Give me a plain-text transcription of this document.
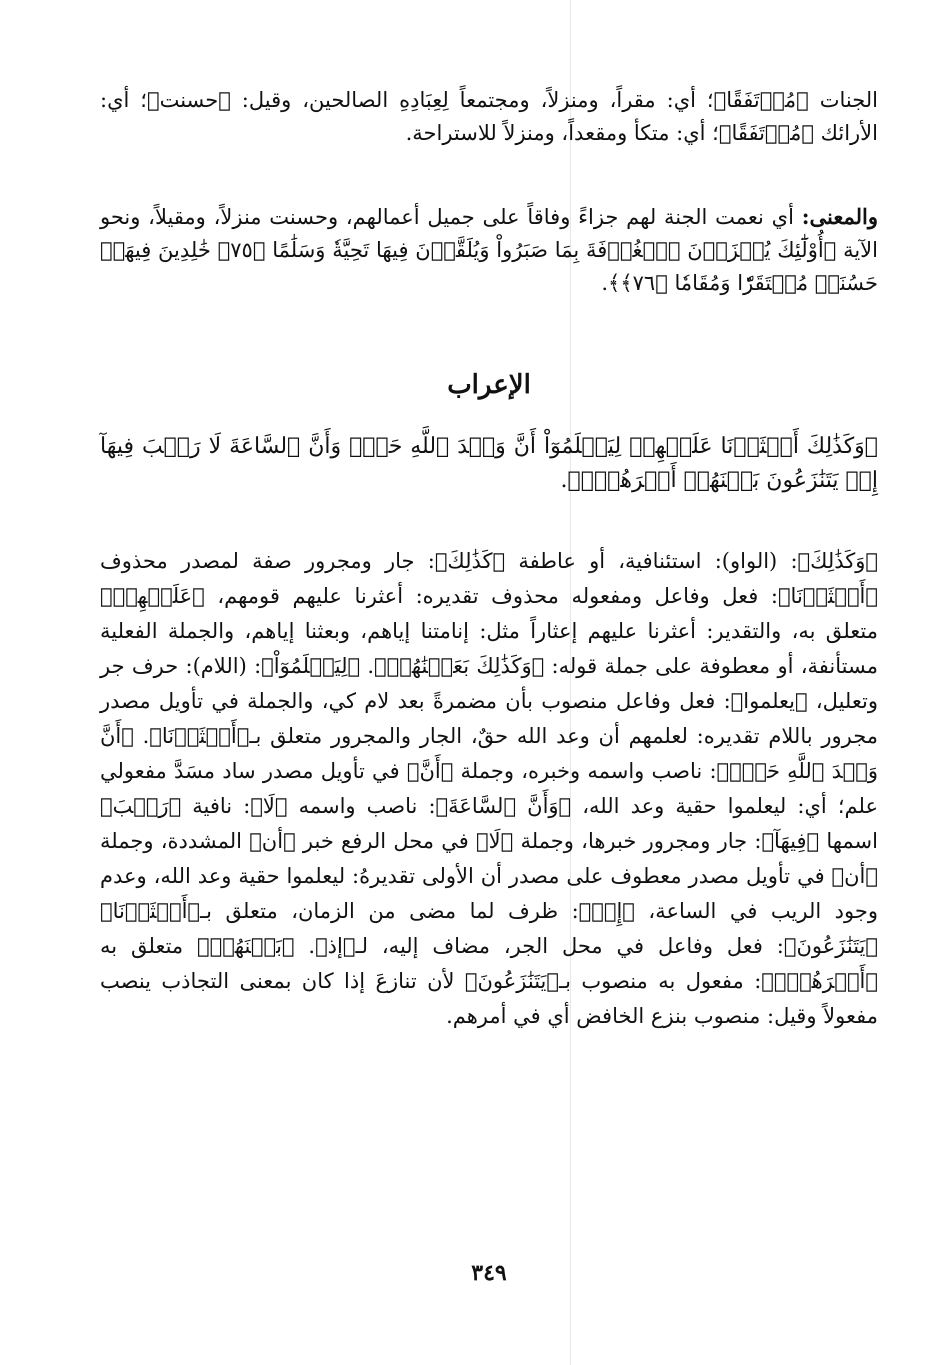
الجنات ﴿مُرۡتَفَقًا﴾؛ أي: مقراً، ومنزلاً، ومجتمعاً لِعِبَادِهِ الصالحين، وقيل: ﴿حسنت﴾؛ أي: الأرائك ﴿مُرۡتَفَقًا﴾؛ أي: متكأ ومقعداً، ومنزلاً للاستراحة.

والمعنى: أي نعمت الجنة لهم جزاءً وفاقاً على جميل أعمالهم، وحسنت منزلاً، ومقيلاً، ونحو الآية ﴿أُوْلَٰٓئِكَ يُجۡزَوۡنَ ٱلۡغُرۡفَةَ بِمَا صَبَرُواْ وَيُلَقَّوۡنَ فِيهَا تَحِيَّةٗ وَسَلَٰمًا ﴿٧٥﴾ خَٰلِدِينَ فِيهَاۚ حَسُنَتۡ مُسۡتَقَرّٗا وَمُقَامٗا ﴿٧٦﴾﴾.

الإعراب

﴿وَكَذَٰلِكَ أَعۡثَرۡنَا عَلَيۡهِمۡ لِيَعۡلَمُوٓاْ أَنَّ وَعۡدَ ٱللَّهِ حَقّٞ وَأَنَّ ٱلسَّاعَةَ لَا رَيۡبَ فِيهَآ إِذۡ يَتَنَٰزَعُونَ بَيۡنَهُمۡ أَمۡرَهُمۡۖ﴾.

﴿وَكَذَٰلِكَ﴾: (الواو): استئنافية، أو عاطفة ﴿كَذَٰلِكَ﴾: جار ومجرور صفة لمصدر محذوف ﴿أَعۡثَرۡنَا﴾: فعل وفاعل ومفعوله محذوف تقديره: أعثرنا عليهم قومهم، ﴿عَلَيۡهِمۡ﴾ متعلق به، والتقدير: أعثرنا عليهم إعثاراً مثل: إنامتنا إياهم، وبعثنا إياهم، والجملة الفعلية مستأنفة، أو معطوفة على جملة قوله: ﴿وَكَذَٰلِكَ بَعَثۡنَٰهُمۡ﴾. ﴿لِيَعۡلَمُوٓاْ﴾: (اللام): حرف جر وتعليل، ﴿يعلموا﴾: فعل وفاعل منصوب بأن مضمرةً بعد لام كي، والجملة في تأويل مصدر مجرور باللام تقديره: لعلمهم أن وعد الله حقٌ، الجار والمجرور متعلق بـ﴿أَعۡثَرۡنَا﴾. ﴿أَنَّ وَعۡدَ ٱللَّهِ حَقّٞ﴾: ناصب واسمه وخبره، وجملة ﴿أَنَّ﴾ في تأويل مصدر ساد مسَدَّ مفعولي علم؛ أي: ليعلموا حقية وعد الله، ﴿وَأَنَّ ٱلسَّاعَةَ﴾: ناصب واسمه ﴿لَا﴾: نافية ﴿رَيۡبَ﴾ اسمها ﴿فِيهَآ﴾: جار ومجرور خبرها، وجملة ﴿لَا﴾ في محل الرفع خبر ﴿أن﴾ المشددة، وجملة ﴿أن﴾ في تأويل مصدر معطوف على مصدر أن الأولى تقديرهُ: ليعلموا حقية وعد الله، وعدم وجود الريب في الساعة، ﴿إِذۡ﴾: ظرف لما مضى من الزمان، متعلق بـ﴿أَعۡثَرۡنَا﴾ ﴿يَتَنَٰزَعُونَ﴾: فعل وفاعل في محل الجر، مضاف إليه، لـ﴿إذ﴾. ﴿بَيۡنَهُمۡ﴾ متعلق به ﴿أَمۡرَهُمۡۖ﴾: مفعول به منصوب بـ﴿يَتَنَٰزَعُونَ﴾ لأن تنازعَ إذا كان بمعنى التجاذب ينصب مفعولاً وقيل: منصوب بنزع الخافض أي في أمرهم.

٣٤٩
